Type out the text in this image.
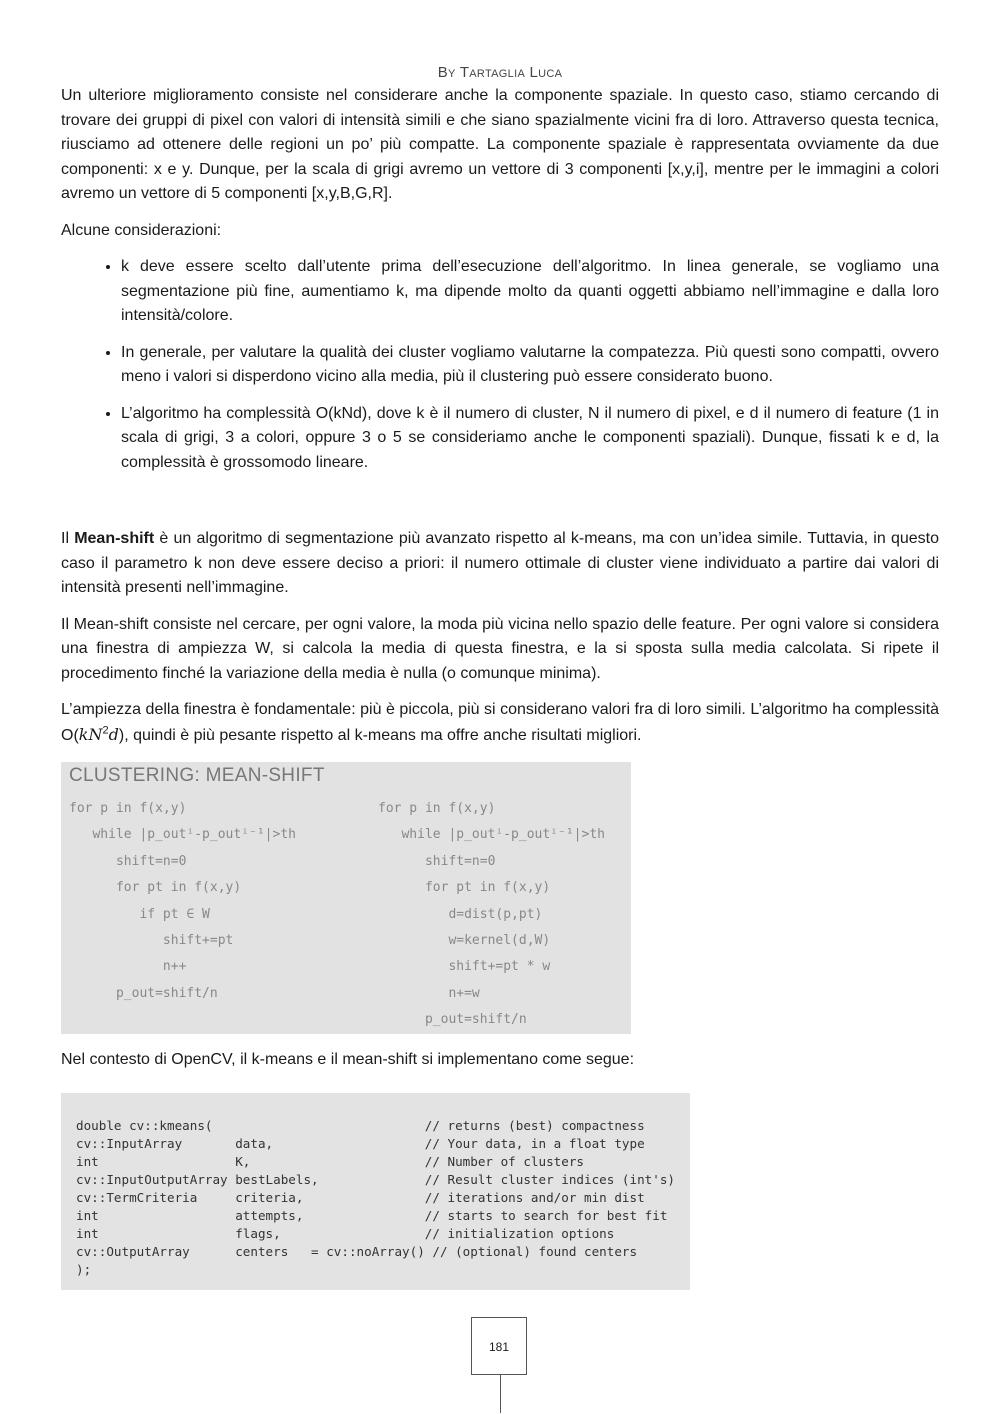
By Tartaglia Luca

Un ulteriore miglioramento consiste nel considerare anche la componente spaziale. In questo caso, stiamo cercando di trovare dei gruppi di pixel con valori di intensità simili e che siano spazialmente vicini fra di loro. Attraverso questa tecnica, riusciamo ad ottenere delle regioni un po’ più compatte. La componente spaziale è rappresentata ovviamente da due componenti: x e y. Dunque, per la scala di grigi avremo un vettore di 3 componenti [x,y,i], mentre per le immagini a colori avremo un vettore di 5 componenti [x,y,B,G,R].

Alcune considerazioni:

• k deve essere scelto dall’utente prima dell’esecuzione dell’algoritmo. In linea generale, se vogliamo una segmentazione più fine, aumentiamo k, ma dipende molto da quanti oggetti abbiamo nell’immagine e dalla loro intensità/colore.
• In generale, per valutare la qualità dei cluster vogliamo valutarne la compatezza. Più questi sono compatti, ovvero meno i valori si disperdono vicino alla media, più il clustering può essere considerato buono.
• L’algoritmo ha complessità O(kNd), dove k è il numero di cluster, N il numero di pixel, e d il numero di feature (1 in scala di grigi, 3 a colori, oppure 3 o 5 se consideriamo anche le componenti spaziali). Dunque, fissati k e d, la complessità è grossomodo lineare.

Il Mean-shift è un algoritmo di segmentazione più avanzato rispetto al k-means, ma con un’idea simile. Tuttavia, in questo caso il parametro k non deve essere deciso a priori: il numero ottimale di cluster viene individuato a partire dai valori di intensità presenti nell’immagine.

Il Mean-shift consiste nel cercare, per ogni valore, la moda più vicina nello spazio delle feature. Per ogni valore si considera una finestra di ampiezza W, si calcola la media di questa finestra, e la si sposta sulla media calcolata. Si ripete il procedimento finché la variazione della media è nulla (o comunque minima).

L’ampiezza della finestra è fondamentale: più è piccola, più si considerano valori fra di loro simili. L’algoritmo ha complessità $O(kN^2d)$, quindi è più pesante rispetto al k-means ma offre anche risultati migliori.

CLUSTERING: MEAN-SHIFT
for p in f(x,y)
while |p_outⁱ-p_outⁱ⁻¹|>th
shift=n=0
for pt in f(x,y)
if pt ∈ W
shift+=pt
n++
p_out=shift/n
for p in f(x,y)
while |p_outⁱ-p_outⁱ⁻¹|>th
shift=n=0
for pt in f(x,y)
d=dist(p,pt)
w=kernel(d,W)
shift+=pt * w
n+=w
p_out=shift/n

Nel contesto di OpenCV, il k-means e il mean-shift si implementano come segue:

double cv::kmeans(                            // returns (best) compactness
cv::InputArray       data,                    // Your data, in a float type
int                  K,                       // Number of clusters
cv::InputOutputArray bestLabels,              // Result cluster indices (int's)
cv::TermCriteria     criteria,                // iterations and/or min dist
int                  attempts,                // starts to search for best fit
int                  flags,                   // initialization options
cv::OutputArray      centers   = cv::noArray() // (optional) found centers
);
181
